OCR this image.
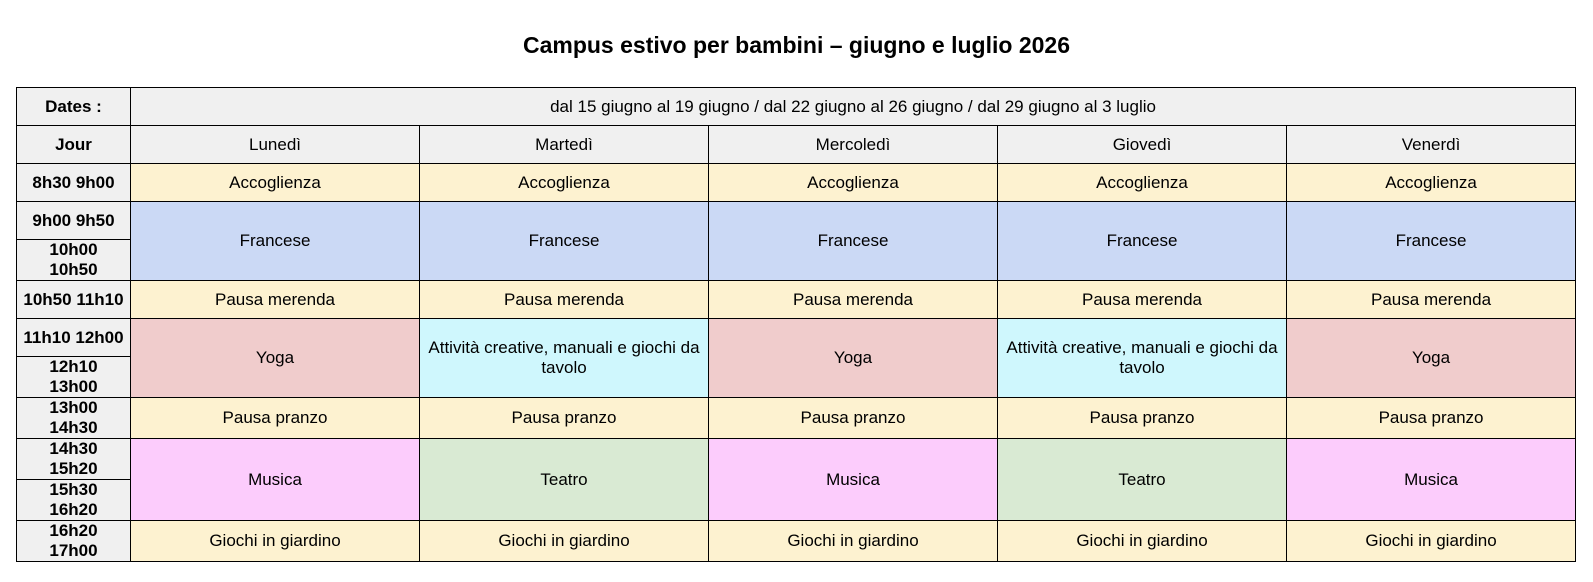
Campus estivo per bambini – giugno e luglio 2026
Dates :	dal 15 giugno al 19 giugno / dal 22 giugno al 26 giugno / dal 29 giugno al 3 luglio				
Jour	Lunedì	Martedì	Mercoledì	Giovedì	Venerdì
8h30 9h00	Accoglienza	Accoglienza	Accoglienza	Accoglienza	Accoglienza
9h00 9h50	Francese	Francese	Francese	Francese	Francese
10h00 10h50					
10h50 11h10	Pausa merenda	Pausa merenda	Pausa merenda	Pausa merenda	Pausa merenda
11h10 12h00	Yoga	Attività creative, manuali e giochi da tavolo	Yoga	Attività creative, manuali e giochi da tavolo	Yoga
12h10 13h00					
13h00 14h30	Pausa pranzo	Pausa pranzo	Pausa pranzo	Pausa pranzo	Pausa pranzo
14h30 15h20	Musica	Teatro	Musica	Teatro	Musica
15h30 16h20					
16h20 17h00	Giochi in giardino	Giochi in giardino	Giochi in giardino	Giochi in giardino	Giochi in giardino
